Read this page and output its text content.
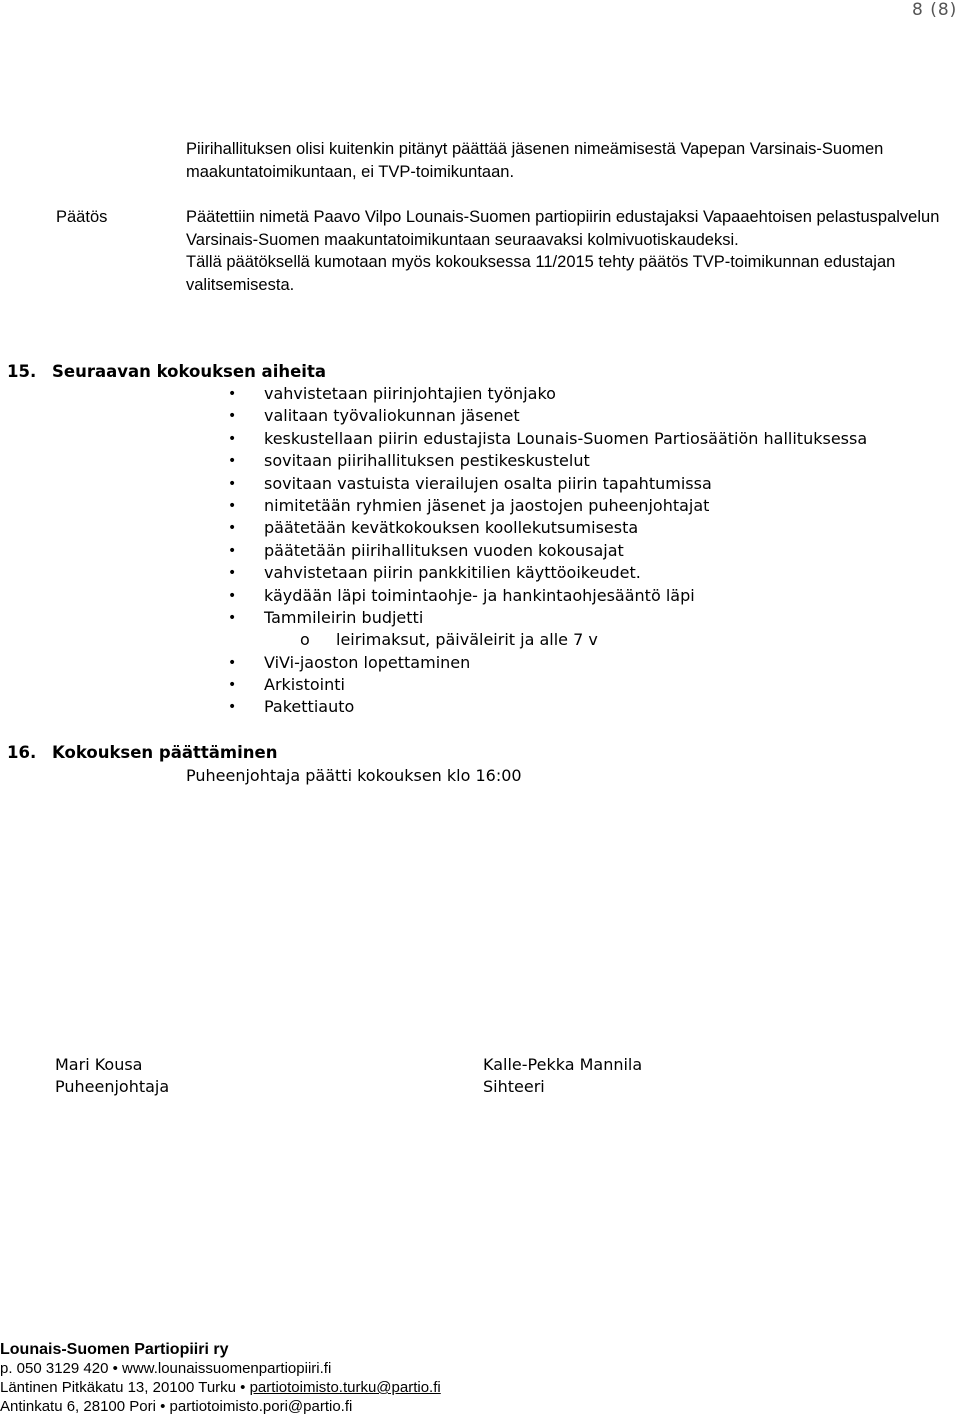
8 (8)
Piirihallituksen olisi kuitenkin pitänyt päättää jäsenen nimeämisestä Vapepan Varsinais-Suomen maakuntatoimikuntaan, ei TVP-toimikuntaan.
Päätös	Päätettiin nimetä Paavo Vilpo Lounais-Suomen partiopiirin edustajaksi Vapaaehtoisen pelastuspalvelun Varsinais-Suomen maakuntatoimikuntaan seuraavaksi kolmivuotiskaudeksi.
Tällä päätöksellä kumotaan myös kokouksessa 11/2015 tehty päätös TVP-toimikunnan edustajan valitsemisesta.
15. Seuraavan kokouksen aiheita
• vahvistetaan piirinjohtajien työnjako
• valitaan työvaliokunnan jäsenet
• keskustellaan piirin edustajista Lounais-Suomen Partiosäätiön hallituksessa
• sovitaan piirihallituksen pestikeskustelut
• sovitaan vastuista vierailujen osalta piirin tapahtumissa
• nimitetään ryhmien jäsenet ja jaostojen puheenjohtajat
• päätetään kevätkokouksen koollekutsumisesta
• päätetään piirihallituksen vuoden kokousajat
• vahvistetaan piirin pankkitilien käyttöoikeudet.
• käydään läpi toimintaohje- ja hankintaohjesääntö läpi
• Tammileirin budjetti
o leirimaksut, päiväleirit ja alle 7 v
• ViVi-jaoston lopettaminen
• Arkistointi
• Pakettiauto
16. Kokouksen päättäminen
Puheenjohtaja päätti kokouksen klo 16:00
Mari Kousa
Puheenjohtaja
Kalle-Pekka Mannila
Sihteeri
Lounais-Suomen Partiopiiri ry
p. 050 3129 420 • www.lounaissuomenpartiopiiri.fi
Läntinen Pitkäkatu 13, 20100 Turku • partiotoimisto.turku@partio.fi
Antinkatu 6, 28100 Pori • partiotoimisto.pori@partio.fi
